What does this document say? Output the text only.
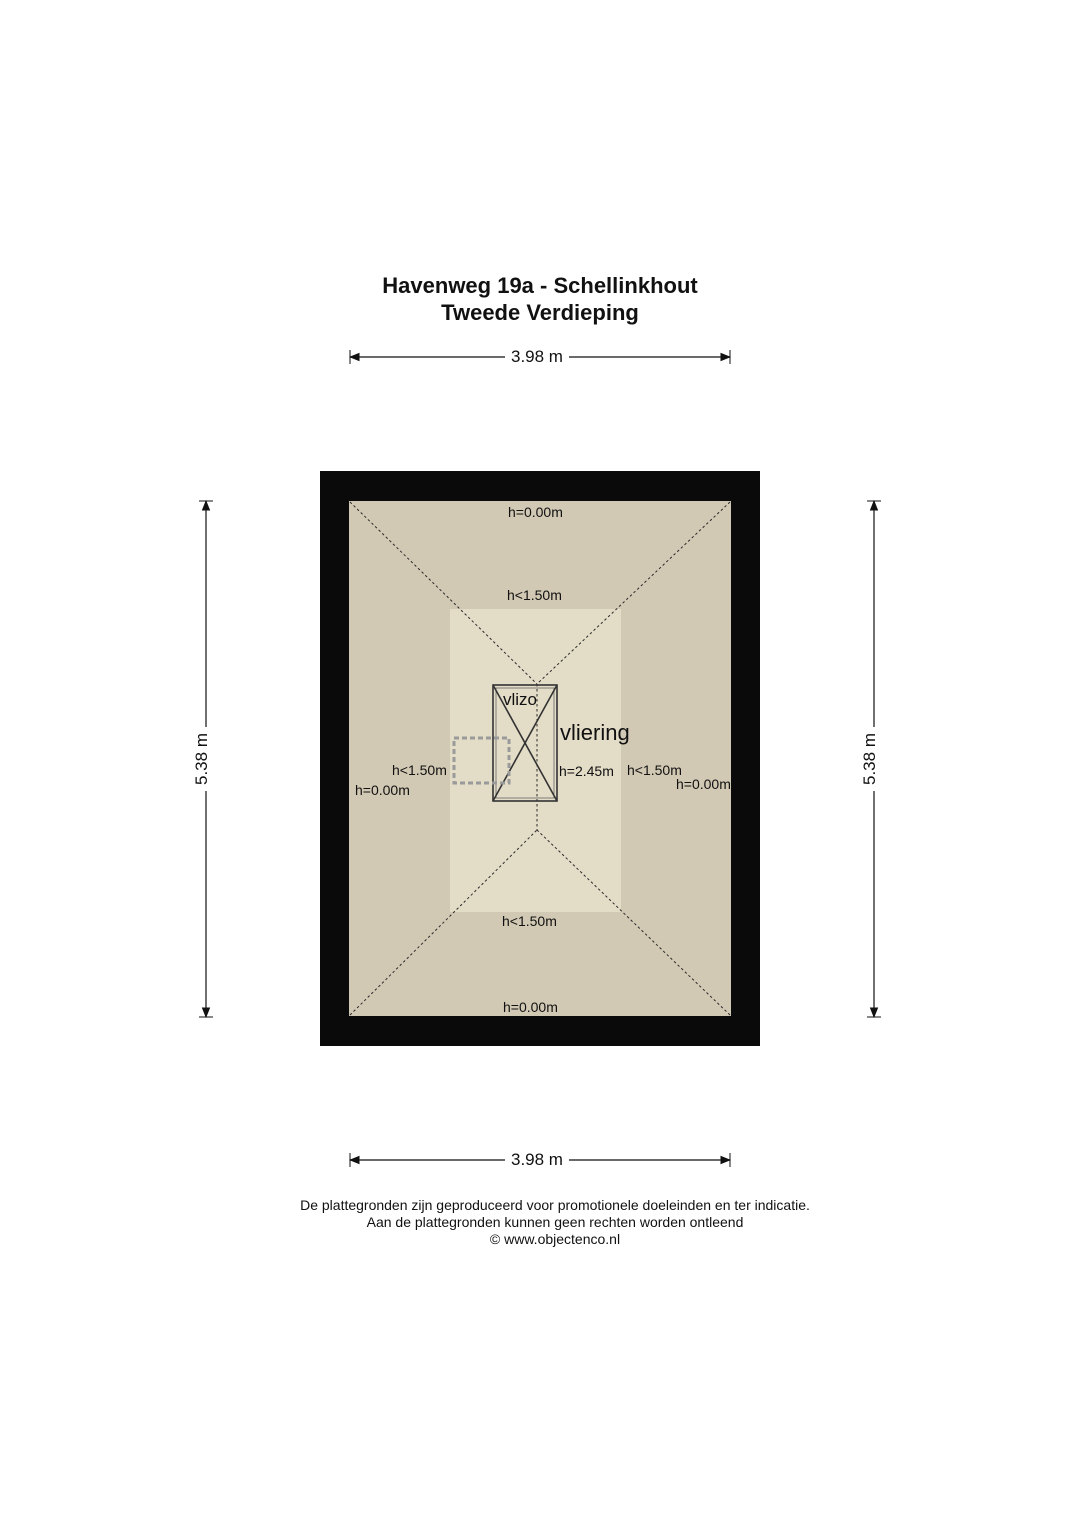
Havenweg 19a - Schellinkhout
Tweede Verdieping
3.98 m
3.98 m
5.38 m	5.38 m
h=0.00m
h<1.50m
h<1.50m
h=0.00m
h=2.45m h<1.50m
h=0.00m
h<1.50m
h=0.00m
vliering
vlizo
De plattegronden zijn geproduceerd voor promotionele doeleinden en ter indicatie.
Aan de plattegronden kunnen geen rechten worden ontleend
© www.objectenco.nl
